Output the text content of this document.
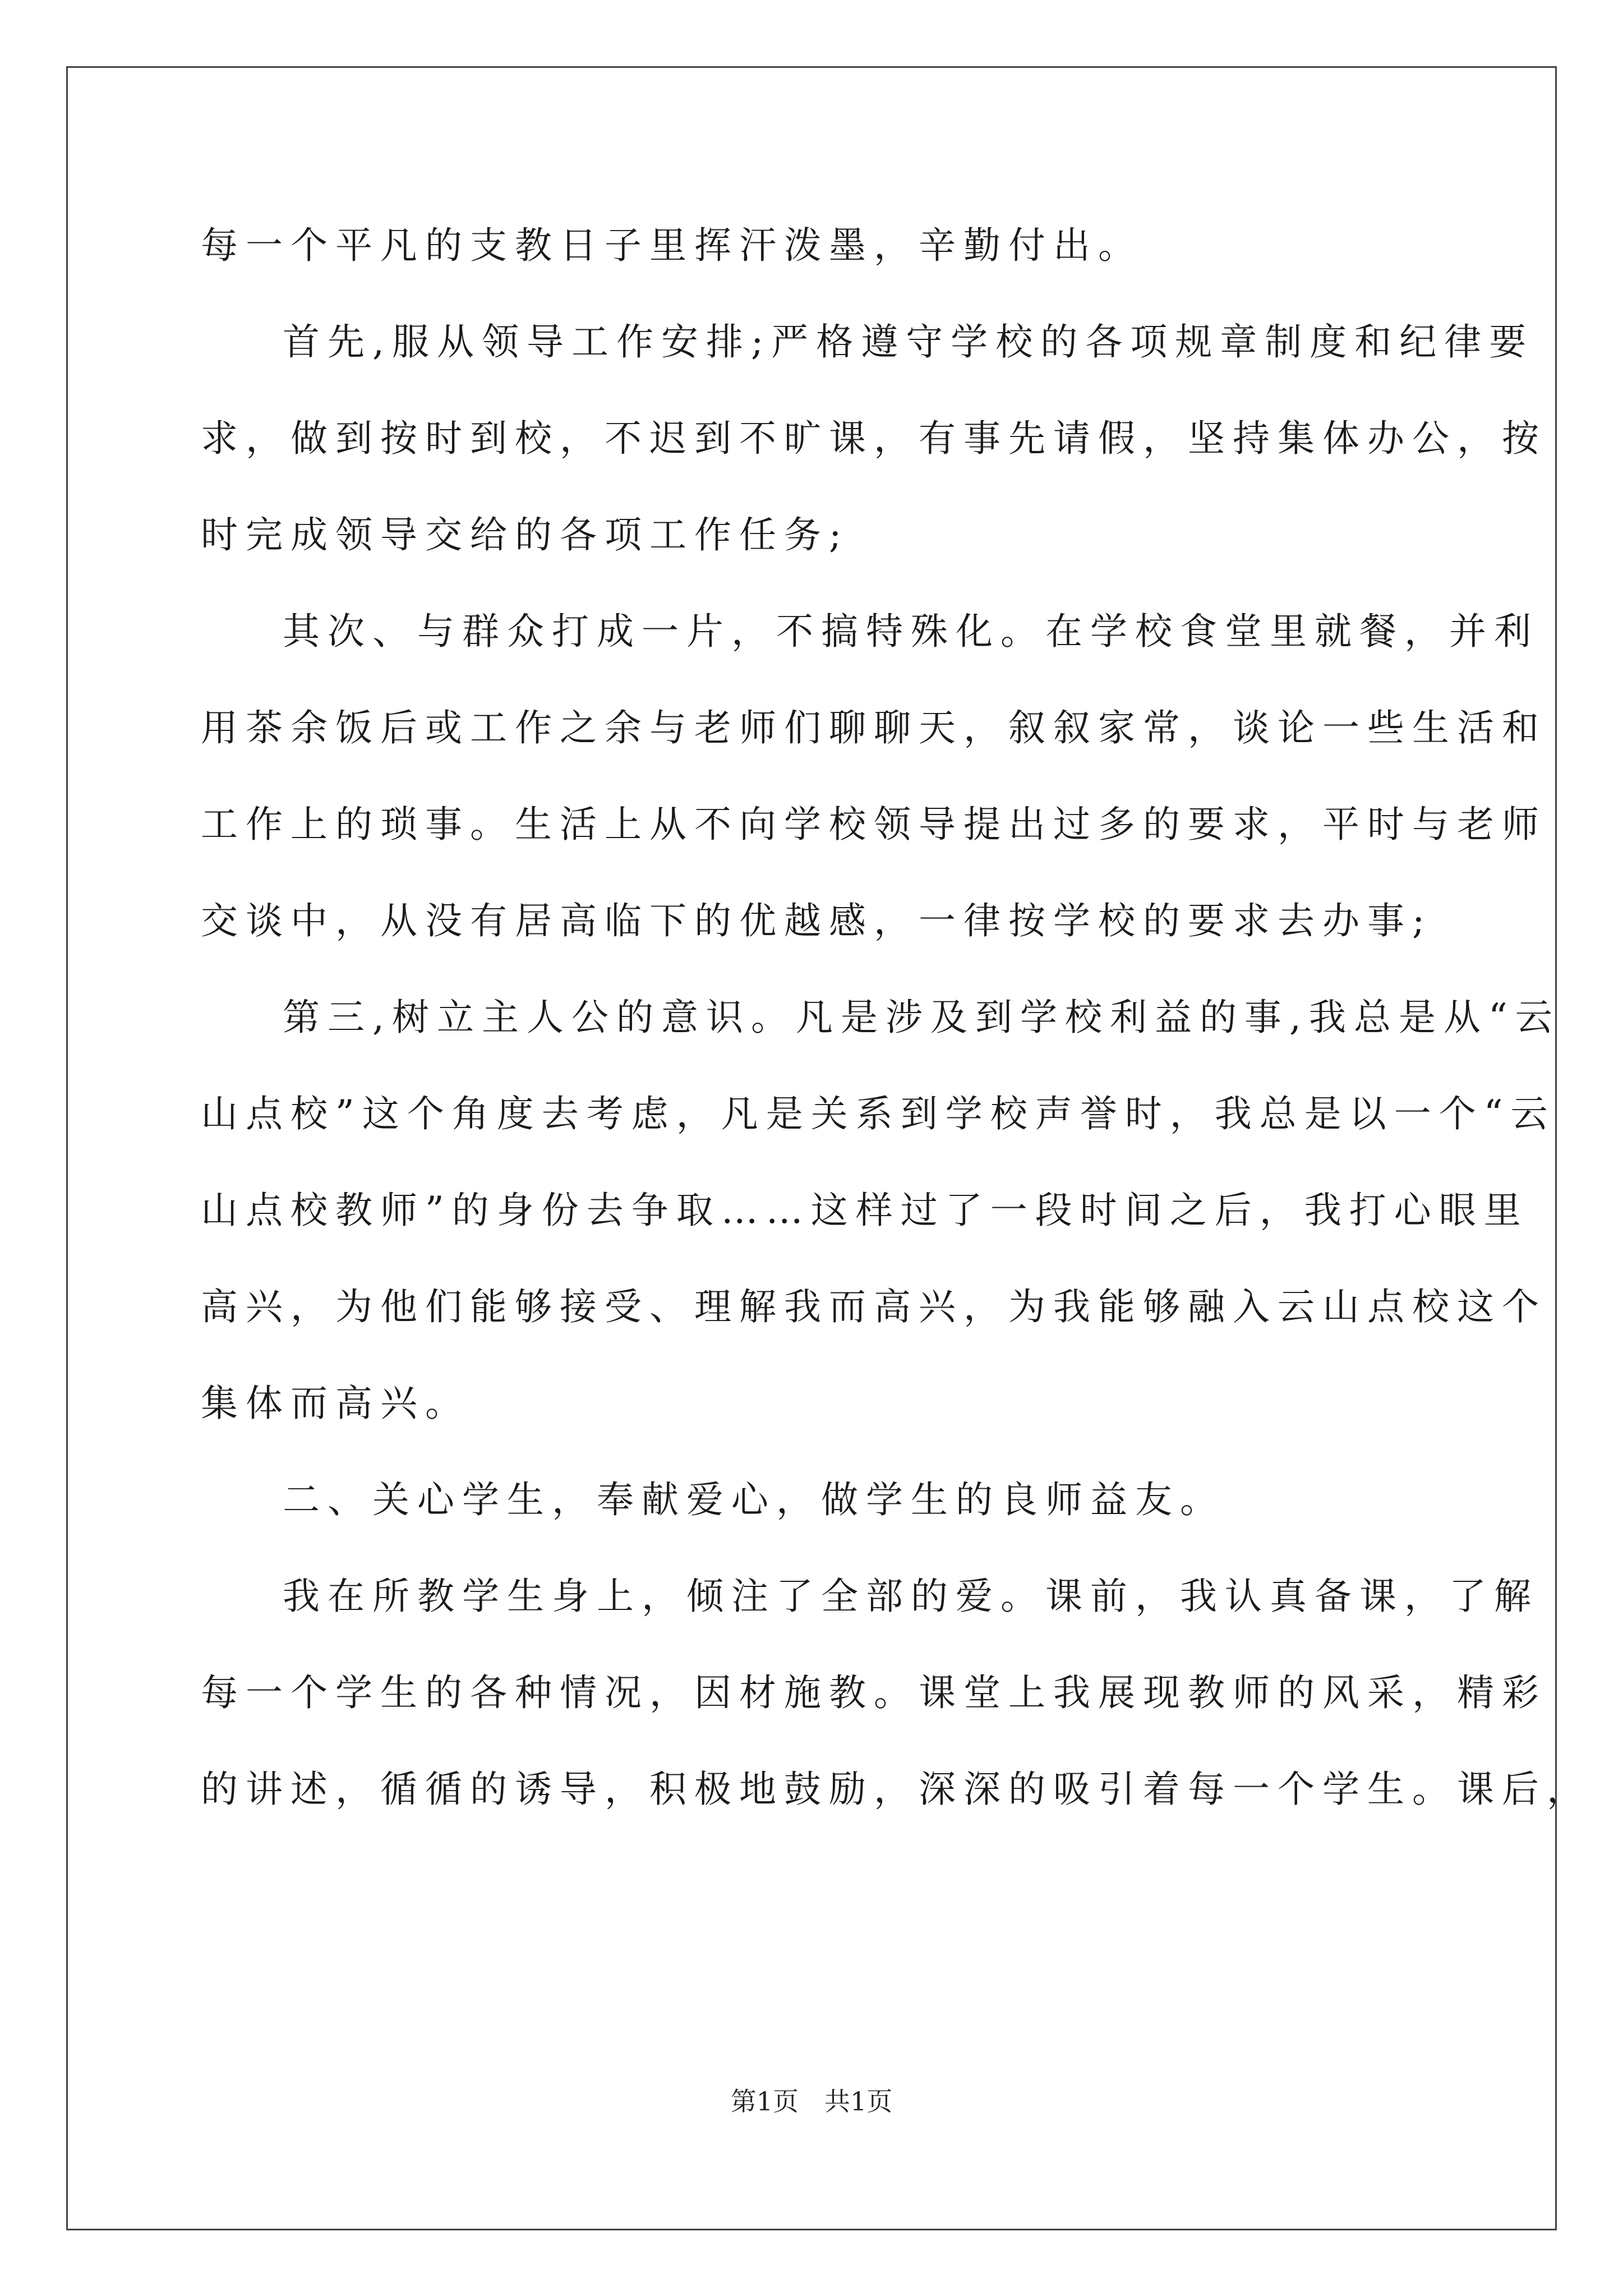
每一个平凡的支教日子里挥汗泼墨，辛勤付出。
首先,服从领导工作安排;严格遵守学校的各项规章制度和纪律要
求，做到按时到校，不迟到不旷课，有事先请假，坚持集体办公，按
时完成领导交给的各项工作任务;
其次、与群众打成一片，不搞特殊化。在学校食堂里就餐，并利
用茶余饭后或工作之余与老师们聊聊天，叙叙家常，谈论一些生活和
工作上的琐事。生活上从不向学校领导提出过多的要求，平时与老师
交谈中，从没有居高临下的优越感，一律按学校的要求去办事;
第三,树立主人公的意识。凡是涉及到学校利益的事,我总是从“云
山点校”这个角度去考虑，凡是关系到学校声誉时，我总是以一个“云
山点校教师”的身份去争取……这样过了一段时间之后，我打心眼里
高兴，为他们能够接受、理解我而高兴，为我能够融入云山点校这个
集体而高兴。
二、关心学生，奉献爱心，做学生的良师益友。
我在所教学生身上，倾注了全部的爱。课前，我认真备课，了解
每一个学生的各种情况，因材施教。课堂上我展现教师的风采，精彩
的讲述，循循的诱导，积极地鼓励，深深的吸引着每一个学生。课后，
第1页 共1页
